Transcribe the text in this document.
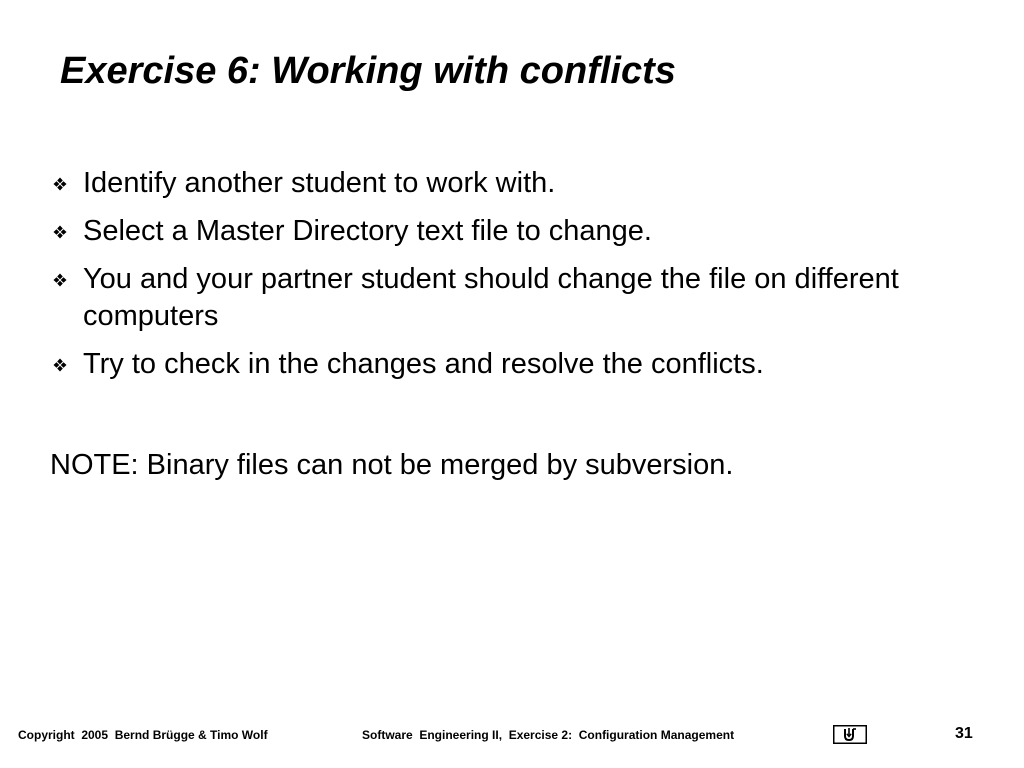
Exercise 6: Working with conflicts
Identify another student to work with.
Select a Master Directory text file to change.
You and your partner student should change the file on different computers
Try to check in the changes and resolve the conflicts.

NOTE: Binary files can not be merged by subversion.

Copyright  2005  Bernd Brügge & Timo Wolf	Software  Engineering II,  Exercise 2:  Configuration Management	31
